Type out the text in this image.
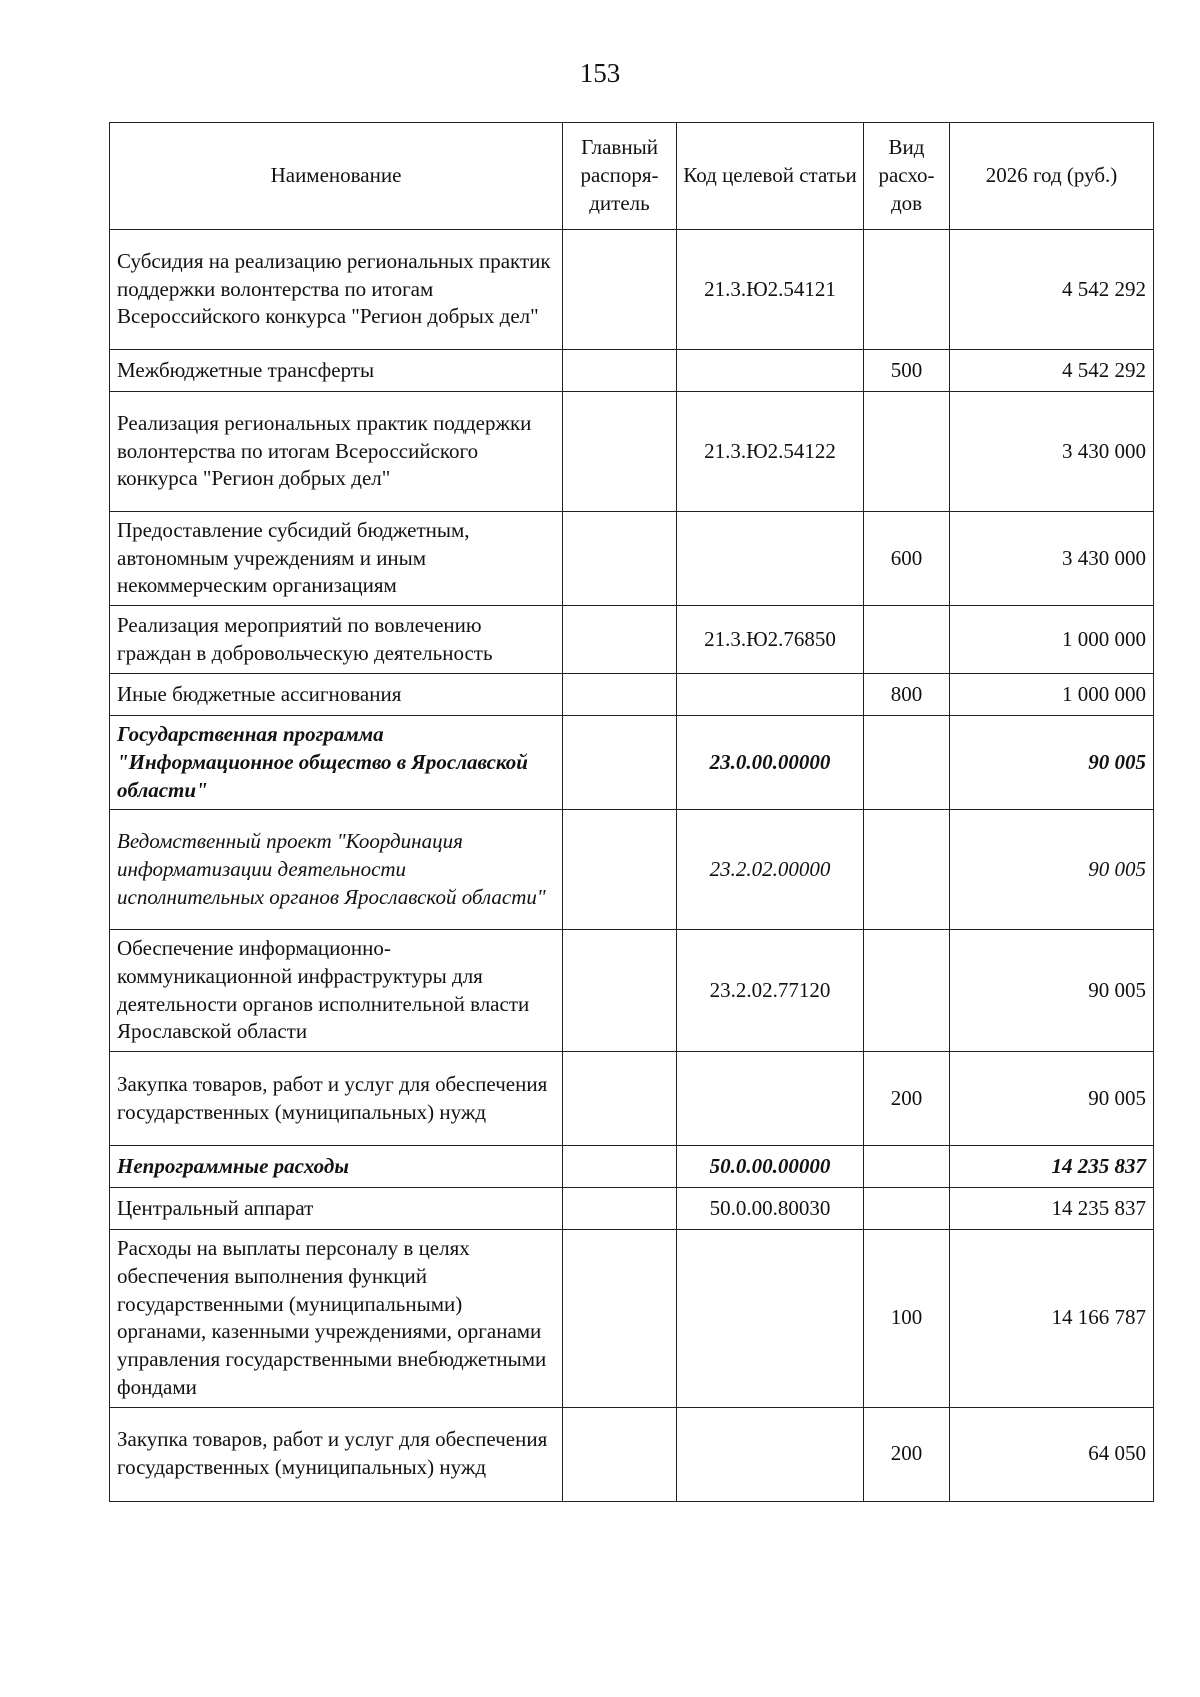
153
Наименование	Главный распоря-дитель	Код целевой статьи	Вид расхо-дов	2026 год (руб.)
Субсидия на реализацию региональных практик поддержки волонтерства по итогам Всероссийского конкурса "Регион добрых дел"		21.3.Ю2.54121		4 542 292
Межбюджетные трансферты			500	4 542 292
Реализация региональных практик поддержки волонтерства по итогам Всероссийского конкурса "Регион добрых дел"		21.3.Ю2.54122		3 430 000
Предоставление субсидий бюджетным, автономным учреждениям и иным некоммерческим организациям			600	3 430 000
Реализация мероприятий по вовлечению граждан в добровольческую деятельность		21.3.Ю2.76850		1 000 000
Иные бюджетные ассигнования			800	1 000 000
Государственная программа "Информационное общество в Ярославской области"		23.0.00.00000		90 005
Ведомственный проект "Координация информатизации деятельности исполнительных органов Ярославской области"		23.2.02.00000		90 005
Обеспечение информационно-коммуникационной инфраструктуры для деятельности органов исполнительной власти Ярославской области		23.2.02.77120		90 005
Закупка товаров, работ и услуг для обеспечения государственных (муниципальных) нужд			200	90 005
Непрограммные расходы		50.0.00.00000		14 235 837
Центральный аппарат		50.0.00.80030		14 235 837
Расходы на выплаты персоналу в целях обеспечения выполнения функций государственными (муниципальными) органами, казенными учреждениями, органами управления государственными внебюджетными фондами			100	14 166 787
Закупка товаров, работ и услуг для обеспечения государственных (муниципальных) нужд			200	64 050
